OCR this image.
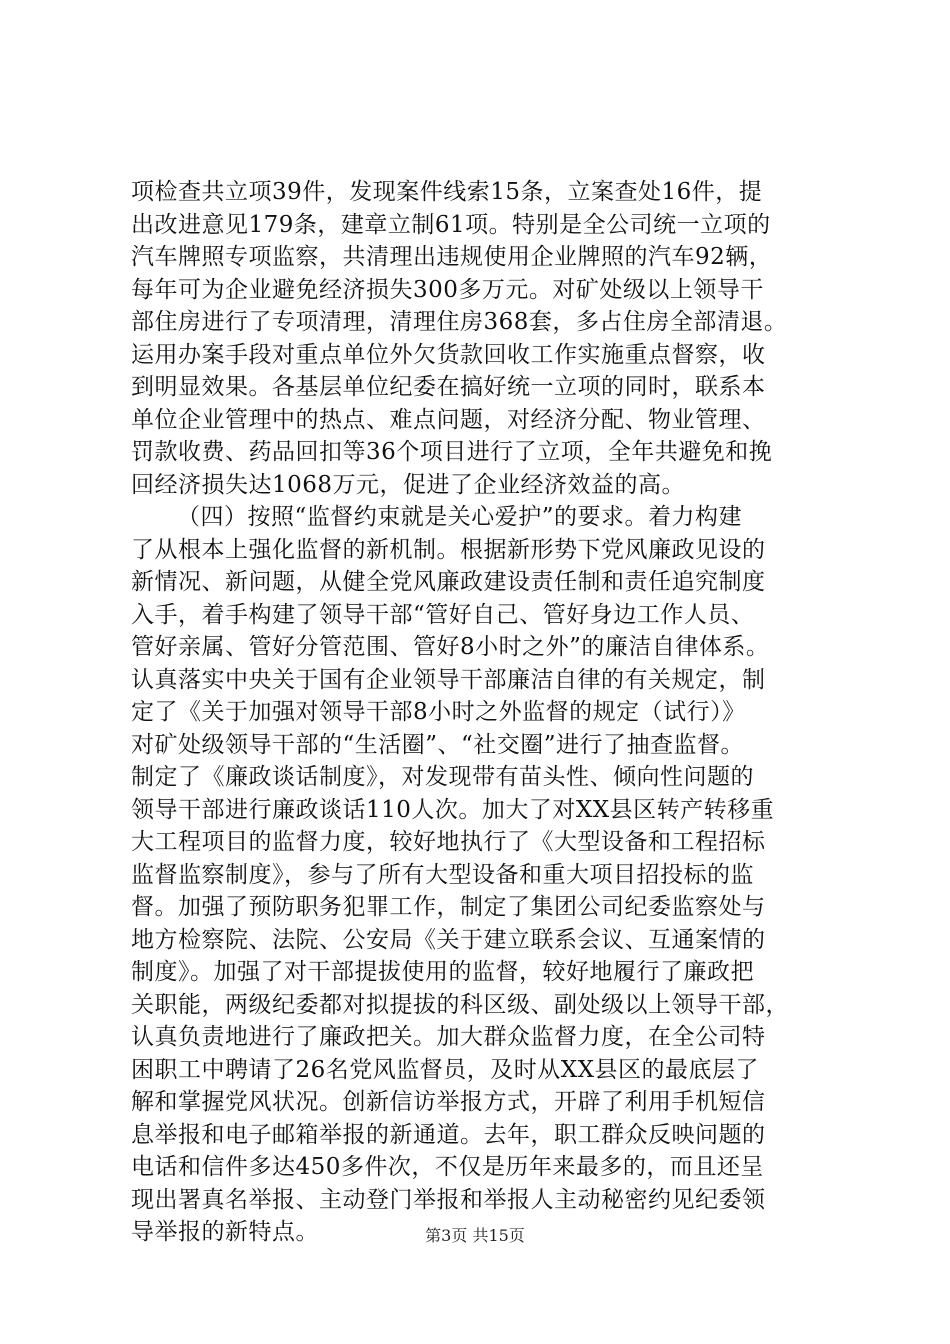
项检查共立项39件，发现案件线索15条，立案查处16件，提
出改进意见179条，建章立制61项。特别是全公司统一立项的
汽车牌照专项监察，共清理出违规使用企业牌照的汽车92辆，
每年可为企业避免经济损失300多万元。对矿处级以上领导干
部住房进行了专项清理，清理住房368套，多占住房全部清退。
运用办案手段对重点单位外欠货款回收工作实施重点督察，收
到明显效果。各基层单位纪委在搞好统一立项的同时，联系本
单位企业管理中的热点、难点问题，对经济分配、物业管理、
罚款收费、药品回扣等36个项目进行了立项，全年共避免和挽
回经济损失达1068万元，促进了企业经济效益的高。
（四）按照“监督约束就是关心爱护”的要求。着力构建
了从根本上强化监督的新机制。根据新形势下党风廉政见设的
新情况、新问题，从健全党风廉政建设责任制和责任追究制度
入手，着手构建了领导干部“管好自己、管好身边工作人员、
管好亲属、管好分管范围、管好8小时之外”的廉洁自律体系。
认真落实中央关于国有企业领导干部廉洁自律的有关规定，制
定了《关于加强对领导干部8小时之外监督的规定（试行）》
对矿处级领导干部的“生活圈”、“社交圈”进行了抽查监督。
制定了《廉政谈话制度》，对发现带有苗头性、倾向性问题的
领导干部进行廉政谈话110人次。加大了对XX县区转产转移重
大工程项目的监督力度，较好地执行了《大型设备和工程招标
监督监察制度》，参与了所有大型设备和重大项目招投标的监
督。加强了预防职务犯罪工作，制定了集团公司纪委监察处与
地方检察院、法院、公安局《关于建立联系会议、互通案情的
制度》。加强了对干部提拔使用的监督，较好地履行了廉政把
关职能，两级纪委都对拟提拔的科区级、副处级以上领导干部，
认真负责地进行了廉政把关。加大群众监督力度，在全公司特
困职工中聘请了26名党风监督员，及时从XX县区的最底层了
解和掌握党风状况。创新信访举报方式，开辟了利用手机短信
息举报和电子邮箱举报的新通道。去年，职工群众反映问题的
电话和信件多达450多件次，不仅是历年来最多的，而且还呈
现出署真名举报、主动登门举报和举报人主动秘密约见纪委领
导举报的新特点。	第3页 共15页
